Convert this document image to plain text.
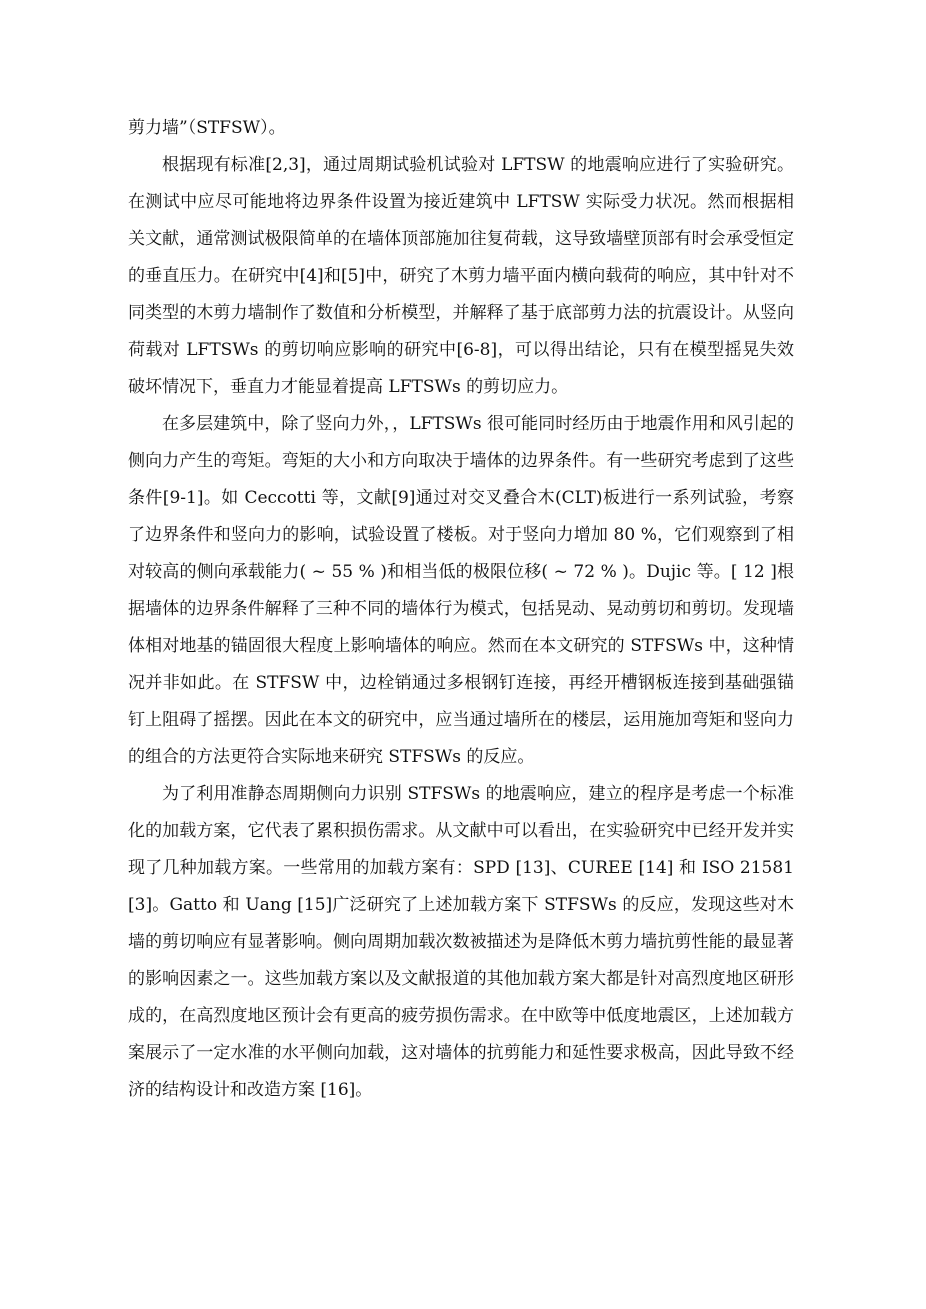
剪力墙”（STFSW）。

根据现有标准[2,3]，通过周期试验机试验对 LFTSW 的地震响应进行了实验研究。在测试中应尽可能地将边界条件设置为接近建筑中 LFTSW 实际受力状况。然而根据相关文献，通常测试极限简单的在墙体顶部施加往复荷载，这导致墙壁顶部有时会承受恒定的垂直压力。在研究中[4]和[5]中，研究了木剪力墙平面内横向载荷的响应，其中针对不同类型的木剪力墙制作了数值和分析模型，并解释了基于底部剪力法的抗震设计。从竖向荷载对 LFTSWs 的剪切响应影响的研究中[6-8]，可以得出结论，只有在模型摇晃失效破坏情况下，垂直力才能显着提高 LFTSWs 的剪切应力。

在多层建筑中，除了竖向力外，，LFTSWs 很可能同时经历由于地震作用和风引起的侧向力产生的弯矩。弯矩的大小和方向取决于墙体的边界条件。有一些研究考虑到了这些条件[9-1]。如 Ceccotti 等，文献[9]通过对交叉叠合木(CLT)板进行一系列试验，考察了边界条件和竖向力的影响，试验设置了楼板。对于竖向力增加 80 %，它们观察到了相对较高的侧向承载能力( ~ 55 % )和相当低的极限位移( ~ 72 % )。Dujic 等。[ 12 ]根据墙体的边界条件解释了三种不同的墙体行为模式，包括晃动、晃动剪切和剪切。发现墙体相对地基的锚固很大程度上影响墙体的响应。然而在本文研究的 STFSWs 中，这种情况并非如此。在 STFSW 中，边栓销通过多根钢钉连接，再经开槽钢板连接到基础强锚钉上阻碍了摇摆。因此在本文的研究中，应当通过墙所在的楼层，运用施加弯矩和竖向力的组合的方法更符合实际地来研究 STFSWs 的反应。

为了利用准静态周期侧向力识别 STFSWs 的地震响应，建立的程序是考虑一个标准化的加载方案，它代表了累积损伤需求。从文献中可以看出，在实验研究中已经开发并实现了几种加载方案。一些常用的加载方案有：SPD [13]、CUREE [14] 和 ISO 21581 [3]。Gatto 和 Uang [15]广泛研究了上述加载方案下 STFSWs 的反应，发现这些对木墙的剪切响应有显著影响。侧向周期加载次数被描述为是降低木剪力墙抗剪性能的最显著的影响因素之一。这些加载方案以及文献报道的其他加载方案大都是针对高烈度地区研形成的，在高烈度地区预计会有更高的疲劳损伤需求。在中欧等中低度地震区，上述加载方案展示了一定水准的水平侧向加载，这对墙体的抗剪能力和延性要求极高，因此导致不经济的结构设计和改造方案 [16]。
